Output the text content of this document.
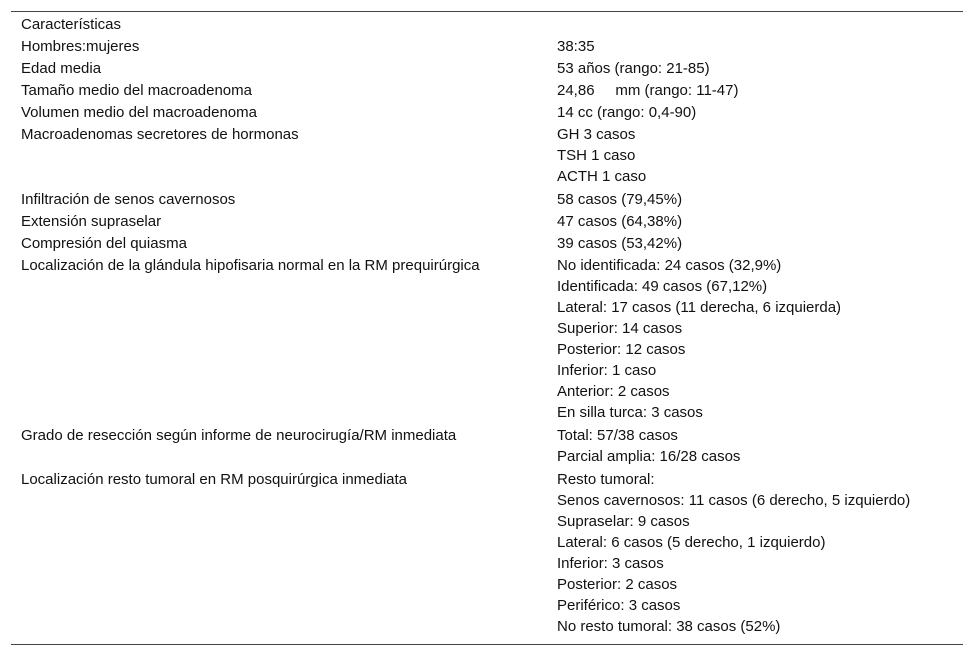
Características
Hombres:mujeres	38:35
Edad media	53 años (rango: 21-85)
Tamaño medio del macroadenoma	24,86     mm (rango: 11-47)
Volumen medio del macroadenoma	14 cc (rango: 0,4-90)
Macroadenomas secretores de hormonas	GH 3 casos
TSH 1 caso
ACTH 1 caso
Infiltración de senos cavernosos	58 casos (79,45%)
Extensión supraselar	47 casos (64,38%)
Compresión del quiasma	39 casos (53,42%)
Localización de la glándula hipofisaria normal en la RM prequirúrgica	No identificada: 24 casos (32,9%)
Identificada: 49 casos (67,12%)
Lateral: 17 casos (11 derecha, 6 izquierda)
Superior: 14 casos
Posterior: 12 casos
Inferior: 1 caso
Anterior: 2 casos
En silla turca: 3 casos
Grado de resección según informe de neurocirugía/RM inmediata	Total: 57/38 casos
Parcial amplia: 16/28 casos
Localización resto tumoral en RM posquirúrgica inmediata	Resto tumoral:
Senos cavernosos: 11 casos (6 derecho, 5 izquierdo)
Supraselar: 9 casos
Lateral: 6 casos (5 derecho, 1 izquierdo)
Inferior: 3 casos
Posterior: 2 casos
Periférico: 3 casos
No resto tumoral: 38 casos (52%)
